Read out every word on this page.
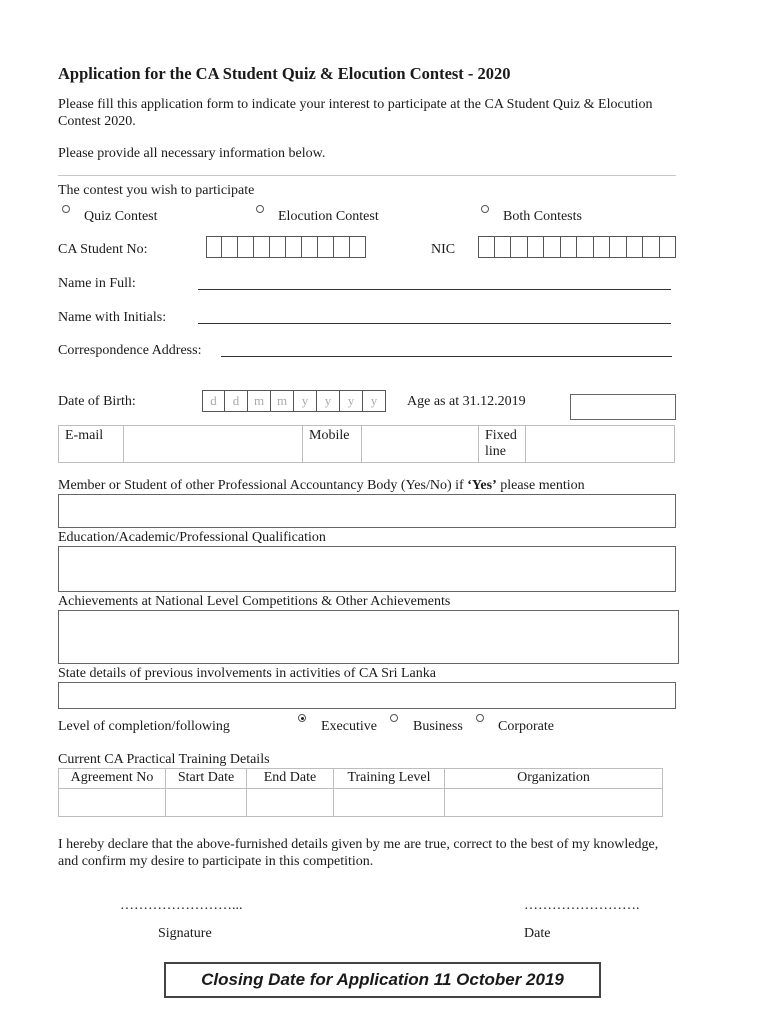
Application for the CA Student Quiz & Elocution Contest - 2020
Please fill this application form to indicate your interest to participate at the CA Student Quiz & Elocution Contest 2020.
Please provide all necessary information below.
The contest you wish to participate
Quiz Contest	Elocution Contest	Both Contests
CA Student No:	NIC
Name in Full:
Name with Initials:
Correspondence Address:
Date of Birth:	d	d	m m	y	y	y	y	Age as at 31.12.2019
E-mail		Mobile		Fixed line	
Member or Student of other Professional Accountancy Body (Yes/No) if ‘Yes’ please mention
Education/Academic/Professional Qualification
Achievements at National Level Competitions & Other Achievements
State details of previous involvements in activities of CA Sri Lanka
Level of completion/following	Executive	Business	Corporate
Current CA Practical Training Details
Agreement No	Start Date	End Date	Training Level	Organization

I hereby declare that the above-furnished details given by me are true, correct to the best of my knowledge, and confirm my desire to participate in this competition.
……………………...
Signature
…………………….
Date
Closing Date for Application 11 October 2019
